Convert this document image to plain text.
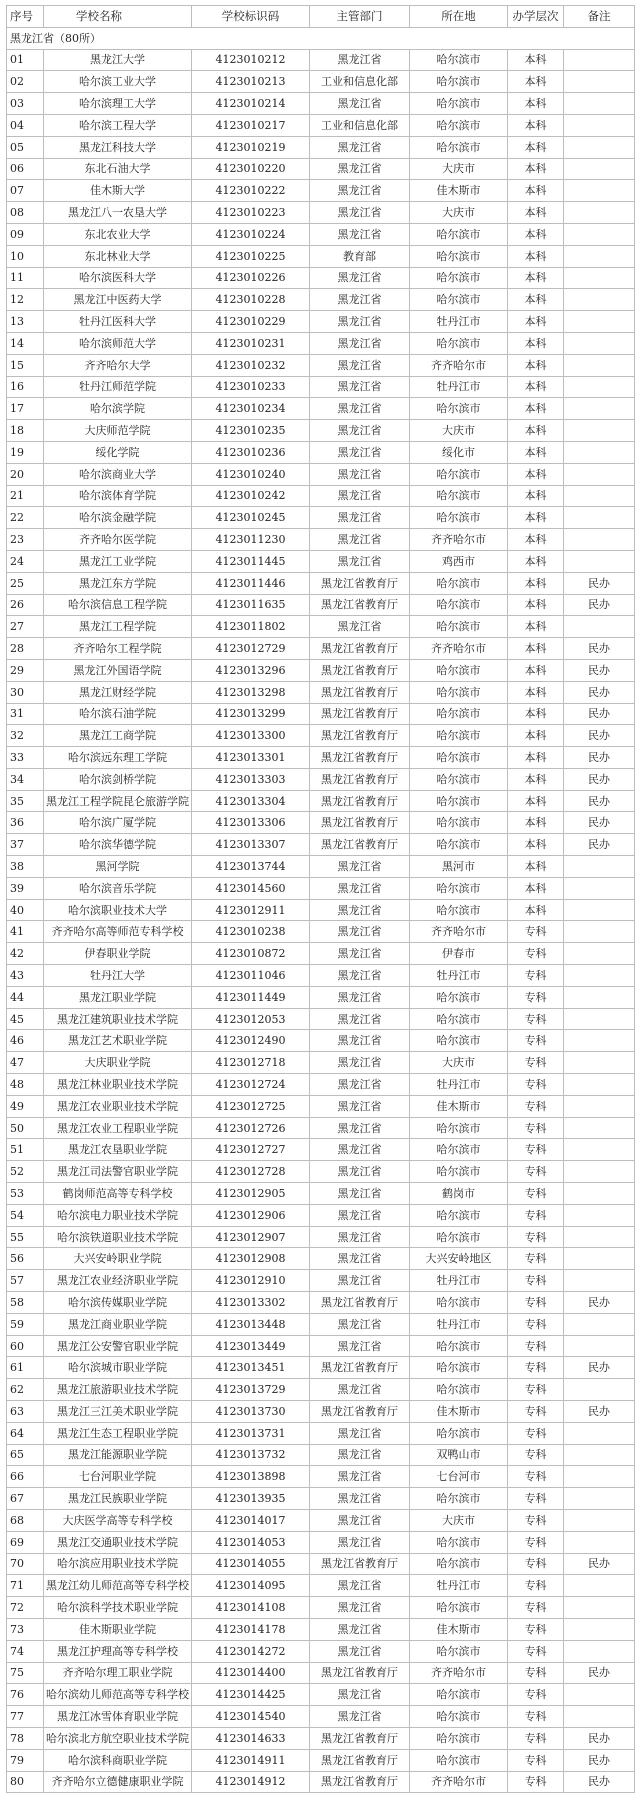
序号	学校名称	学校标识码	主管部门	所在地	办学层次	备注
黑龙江省（80所）						
01	黑龙江大学	4123010212	黑龙江省	哈尔滨市	本科	
02	哈尔滨工业大学	4123010213	工业和信息化部	哈尔滨市	本科	
03	哈尔滨理工大学	4123010214	黑龙江省	哈尔滨市	本科	
04	哈尔滨工程大学	4123010217	工业和信息化部	哈尔滨市	本科	
05	黑龙江科技大学	4123010219	黑龙江省	哈尔滨市	本科	
06	东北石油大学	4123010220	黑龙江省	大庆市	本科	
07	佳木斯大学	4123010222	黑龙江省	佳木斯市	本科	
08	黑龙江八一农垦大学	4123010223	黑龙江省	大庆市	本科	
09	东北农业大学	4123010224	黑龙江省	哈尔滨市	本科	
10	东北林业大学	4123010225	教育部	哈尔滨市	本科	
11	哈尔滨医科大学	4123010226	黑龙江省	哈尔滨市	本科	
12	黑龙江中医药大学	4123010228	黑龙江省	哈尔滨市	本科	
13	牡丹江医科大学	4123010229	黑龙江省	牡丹江市	本科	
14	哈尔滨师范大学	4123010231	黑龙江省	哈尔滨市	本科	
15	齐齐哈尔大学	4123010232	黑龙江省	齐齐哈尔市	本科	
16	牡丹江师范学院	4123010233	黑龙江省	牡丹江市	本科	
17	哈尔滨学院	4123010234	黑龙江省	哈尔滨市	本科	
18	大庆师范学院	4123010235	黑龙江省	大庆市	本科	
19	绥化学院	4123010236	黑龙江省	绥化市	本科	
20	哈尔滨商业大学	4123010240	黑龙江省	哈尔滨市	本科	
21	哈尔滨体育学院	4123010242	黑龙江省	哈尔滨市	本科	
22	哈尔滨金融学院	4123010245	黑龙江省	哈尔滨市	本科	
23	齐齐哈尔医学院	4123011230	黑龙江省	齐齐哈尔市	本科	
24	黑龙江工业学院	4123011445	黑龙江省	鸡西市	本科	
25	黑龙江东方学院	4123011446	黑龙江省教育厅	哈尔滨市	本科	民办
26	哈尔滨信息工程学院	4123011635	黑龙江省教育厅	哈尔滨市	本科	民办
27	黑龙江工程学院	4123011802	黑龙江省	哈尔滨市	本科	
28	齐齐哈尔工程学院	4123012729	黑龙江省教育厅	齐齐哈尔市	本科	民办
29	黑龙江外国语学院	4123013296	黑龙江省教育厅	哈尔滨市	本科	民办
30	黑龙江财经学院	4123013298	黑龙江省教育厅	哈尔滨市	本科	民办
31	哈尔滨石油学院	4123013299	黑龙江省教育厅	哈尔滨市	本科	民办
32	黑龙江工商学院	4123013300	黑龙江省教育厅	哈尔滨市	本科	民办
33	哈尔滨远东理工学院	4123013301	黑龙江省教育厅	哈尔滨市	本科	民办
34	哈尔滨剑桥学院	4123013303	黑龙江省教育厅	哈尔滨市	本科	民办
35	黑龙江工程学院昆仑旅游学院	4123013304	黑龙江省教育厅	哈尔滨市	本科	民办
36	哈尔滨广厦学院	4123013306	黑龙江省教育厅	哈尔滨市	本科	民办
37	哈尔滨华德学院	4123013307	黑龙江省教育厅	哈尔滨市	本科	民办
38	黑河学院	4123013744	黑龙江省	黑河市	本科	
39	哈尔滨音乐学院	4123014560	黑龙江省	哈尔滨市	本科	
40	哈尔滨职业技术大学	4123012911	黑龙江省	哈尔滨市	本科	
41	齐齐哈尔高等师范专科学校	4123010238	黑龙江省	齐齐哈尔市	专科	
42	伊春职业学院	4123010872	黑龙江省	伊春市	专科	
43	牡丹江大学	4123011046	黑龙江省	牡丹江市	专科	
44	黑龙江职业学院	4123011449	黑龙江省	哈尔滨市	专科	
45	黑龙江建筑职业技术学院	4123012053	黑龙江省	哈尔滨市	专科	
46	黑龙江艺术职业学院	4123012490	黑龙江省	哈尔滨市	专科	
47	大庆职业学院	4123012718	黑龙江省	大庆市	专科	
48	黑龙江林业职业技术学院	4123012724	黑龙江省	牡丹江市	专科	
49	黑龙江农业职业技术学院	4123012725	黑龙江省	佳木斯市	专科	
50	黑龙江农业工程职业学院	4123012726	黑龙江省	哈尔滨市	专科	
51	黑龙江农垦职业学院	4123012727	黑龙江省	哈尔滨市	专科	
52	黑龙江司法警官职业学院	4123012728	黑龙江省	哈尔滨市	专科	
53	鹤岗师范高等专科学校	4123012905	黑龙江省	鹤岗市	专科	
54	哈尔滨电力职业技术学院	4123012906	黑龙江省	哈尔滨市	专科	
55	哈尔滨铁道职业技术学院	4123012907	黑龙江省	哈尔滨市	专科	
56	大兴安岭职业学院	4123012908	黑龙江省	大兴安岭地区	专科	
57	黑龙江农业经济职业学院	4123012910	黑龙江省	牡丹江市	专科	
58	哈尔滨传媒职业学院	4123013302	黑龙江省教育厅	哈尔滨市	专科	民办
59	黑龙江商业职业学院	4123013448	黑龙江省	牡丹江市	专科	
60	黑龙江公安警官职业学院	4123013449	黑龙江省	哈尔滨市	专科	
61	哈尔滨城市职业学院	4123013451	黑龙江省教育厅	哈尔滨市	专科	民办
62	黑龙江旅游职业技术学院	4123013729	黑龙江省	哈尔滨市	专科	
63	黑龙江三江美术职业学院	4123013730	黑龙江省教育厅	佳木斯市	专科	民办
64	黑龙江生态工程职业学院	4123013731	黑龙江省	哈尔滨市	专科	
65	黑龙江能源职业学院	4123013732	黑龙江省	双鸭山市	专科	
66	七台河职业学院	4123013898	黑龙江省	七台河市	专科	
67	黑龙江民族职业学院	4123013935	黑龙江省	哈尔滨市	专科	
68	大庆医学高等专科学校	4123014017	黑龙江省	大庆市	专科	
69	黑龙江交通职业技术学院	4123014053	黑龙江省	哈尔滨市	专科	
70	哈尔滨应用职业技术学院	4123014055	黑龙江省教育厅	哈尔滨市	专科	民办
71	黑龙江幼儿师范高等专科学校	4123014095	黑龙江省	牡丹江市	专科	
72	哈尔滨科学技术职业学院	4123014108	黑龙江省	哈尔滨市	专科	
73	佳木斯职业学院	4123014178	黑龙江省	佳木斯市	专科	
74	黑龙江护理高等专科学校	4123014272	黑龙江省	哈尔滨市	专科	
75	齐齐哈尔理工职业学院	4123014400	黑龙江省教育厅	齐齐哈尔市	专科	民办
76	哈尔滨幼儿师范高等专科学校	4123014425	黑龙江省	哈尔滨市	专科	
77	黑龙江冰雪体育职业学院	4123014540	黑龙江省	哈尔滨市	专科	
78	哈尔滨北方航空职业技术学院	4123014633	黑龙江省教育厅	哈尔滨市	专科	民办
79	哈尔滨科商职业学院	4123014911	黑龙江省教育厅	哈尔滨市	专科	民办
80	齐齐哈尔立德健康职业学院	4123014912	黑龙江省教育厅	齐齐哈尔市	专科	民办
